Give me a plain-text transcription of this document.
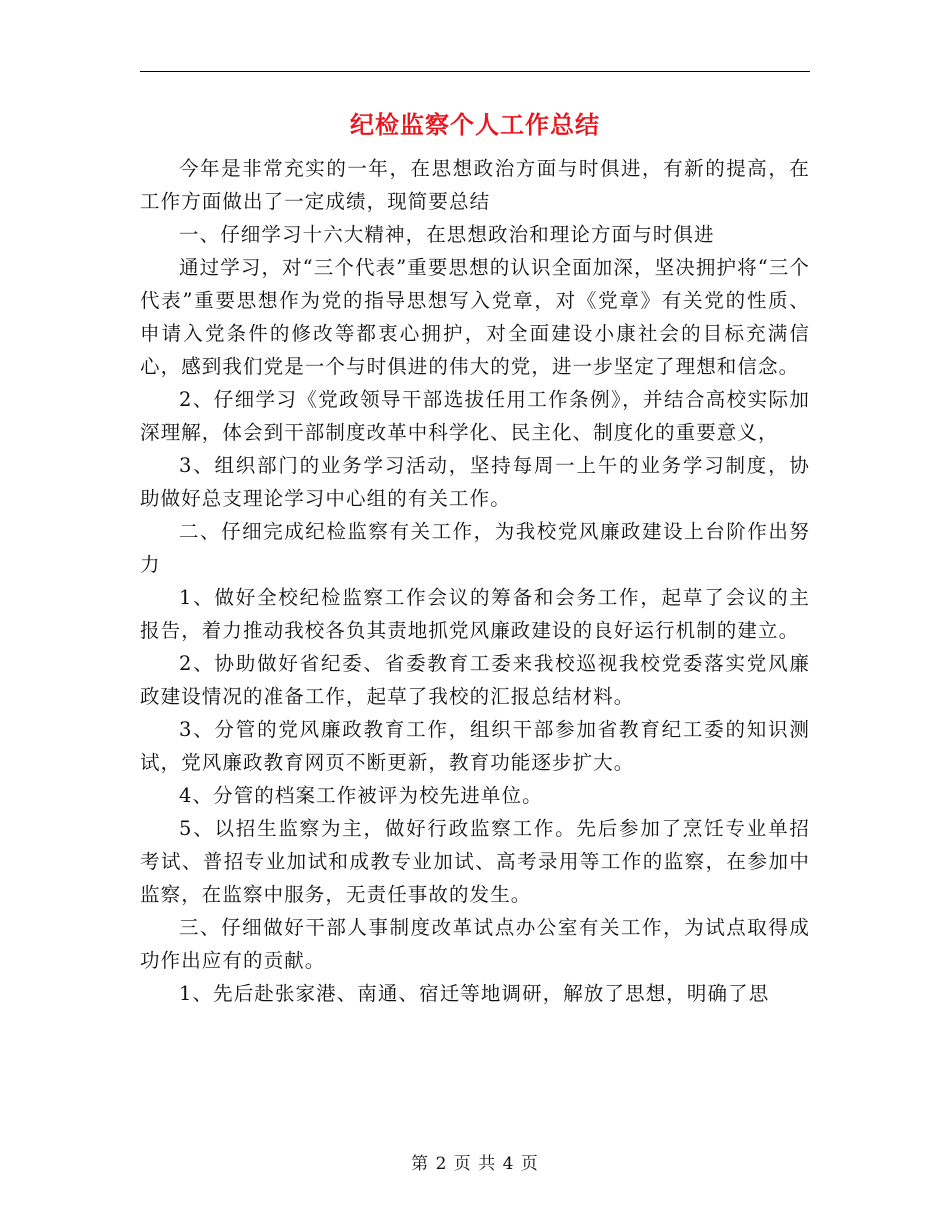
纪检监察个人工作总结

今年是非常充实的一年，在思想政治方面与时俱进，有新的提高，在工作方面做出了一定成绩，现简要总结

一、仔细学习十六大精神，在思想政治和理论方面与时俱进

通过学习，对“三个代表”重要思想的认识全面加深，坚决拥护将“三个代表”重要思想作为党的指导思想写入党章，对《党章》有关党的性质、申请入党条件的修改等都衷心拥护，对全面建设小康社会的目标充满信心，感到我们党是一个与时俱进的伟大的党，进一步坚定了理想和信念。

2、仔细学习《党政领导干部选拔任用工作条例》，并结合高校实际加深理解，体会到干部制度改革中科学化、民主化、制度化的重要意义，

3、组织部门的业务学习活动，坚持每周一上午的业务学习制度，协助做好总支理论学习中心组的有关工作。

二、仔细完成纪检监察有关工作，为我校党风廉政建设上台阶作出努力

1、做好全校纪检监察工作会议的筹备和会务工作，起草了会议的主报告，着力推动我校各负其责地抓党风廉政建设的良好运行机制的建立。

2、协助做好省纪委、省委教育工委来我校巡视我校党委落实党风廉政建设情况的准备工作，起草了我校的汇报总结材料。

3、分管的党风廉政教育工作，组织干部参加省教育纪工委的知识测试，党风廉政教育网页不断更新，教育功能逐步扩大。

4、分管的档案工作被评为校先进单位。

5、以招生监察为主，做好行政监察工作。先后参加了烹饪专业单招考试、普招专业加试和成教专业加试、高考录用等工作的监察，在参加中监察，在监察中服务，无责任事故的发生。

三、仔细做好干部人事制度改革试点办公室有关工作，为试点取得成功作出应有的贡献。

1、先后赴张家港、南通、宿迁等地调研，解放了思想，明确了思

第 2 页 共 4 页
